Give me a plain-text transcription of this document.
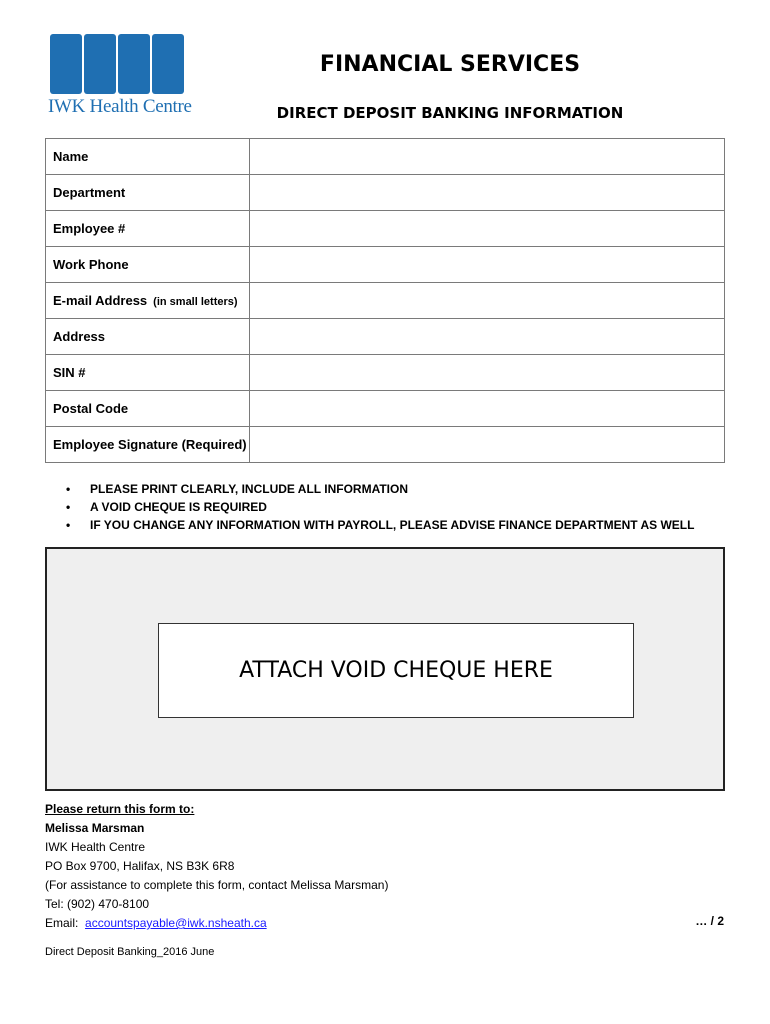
IWK Health Centre
FINANCIAL SERVICES
DIRECT DEPOSIT BANKING INFORMATION
Name	
Department	
Employee #	
Work Phone	
E-mail Address (in small letters)	
Address	
SIN #	
Postal Code	
Employee Signature (Required)	
• PLEASE PRINT CLEARLY, INCLUDE ALL INFORMATION
• A VOID CHEQUE IS REQUIRED
• IF YOU CHANGE ANY INFORMATION WITH PAYROLL, PLEASE ADVISE FINANCE DEPARTMENT AS WELL
ATTACH VOID CHEQUE HERE
Please return this form to:
Melissa Marsman
IWK Health Centre
PO Box 9700, Halifax, NS B3K 6R8
(For assistance to complete this form, contact Melissa Marsman)
Tel: (902) 470-8100
Email:  accountspayable@iwk.nsheath.ca	… / 2
Direct Deposit Banking_2016 June
